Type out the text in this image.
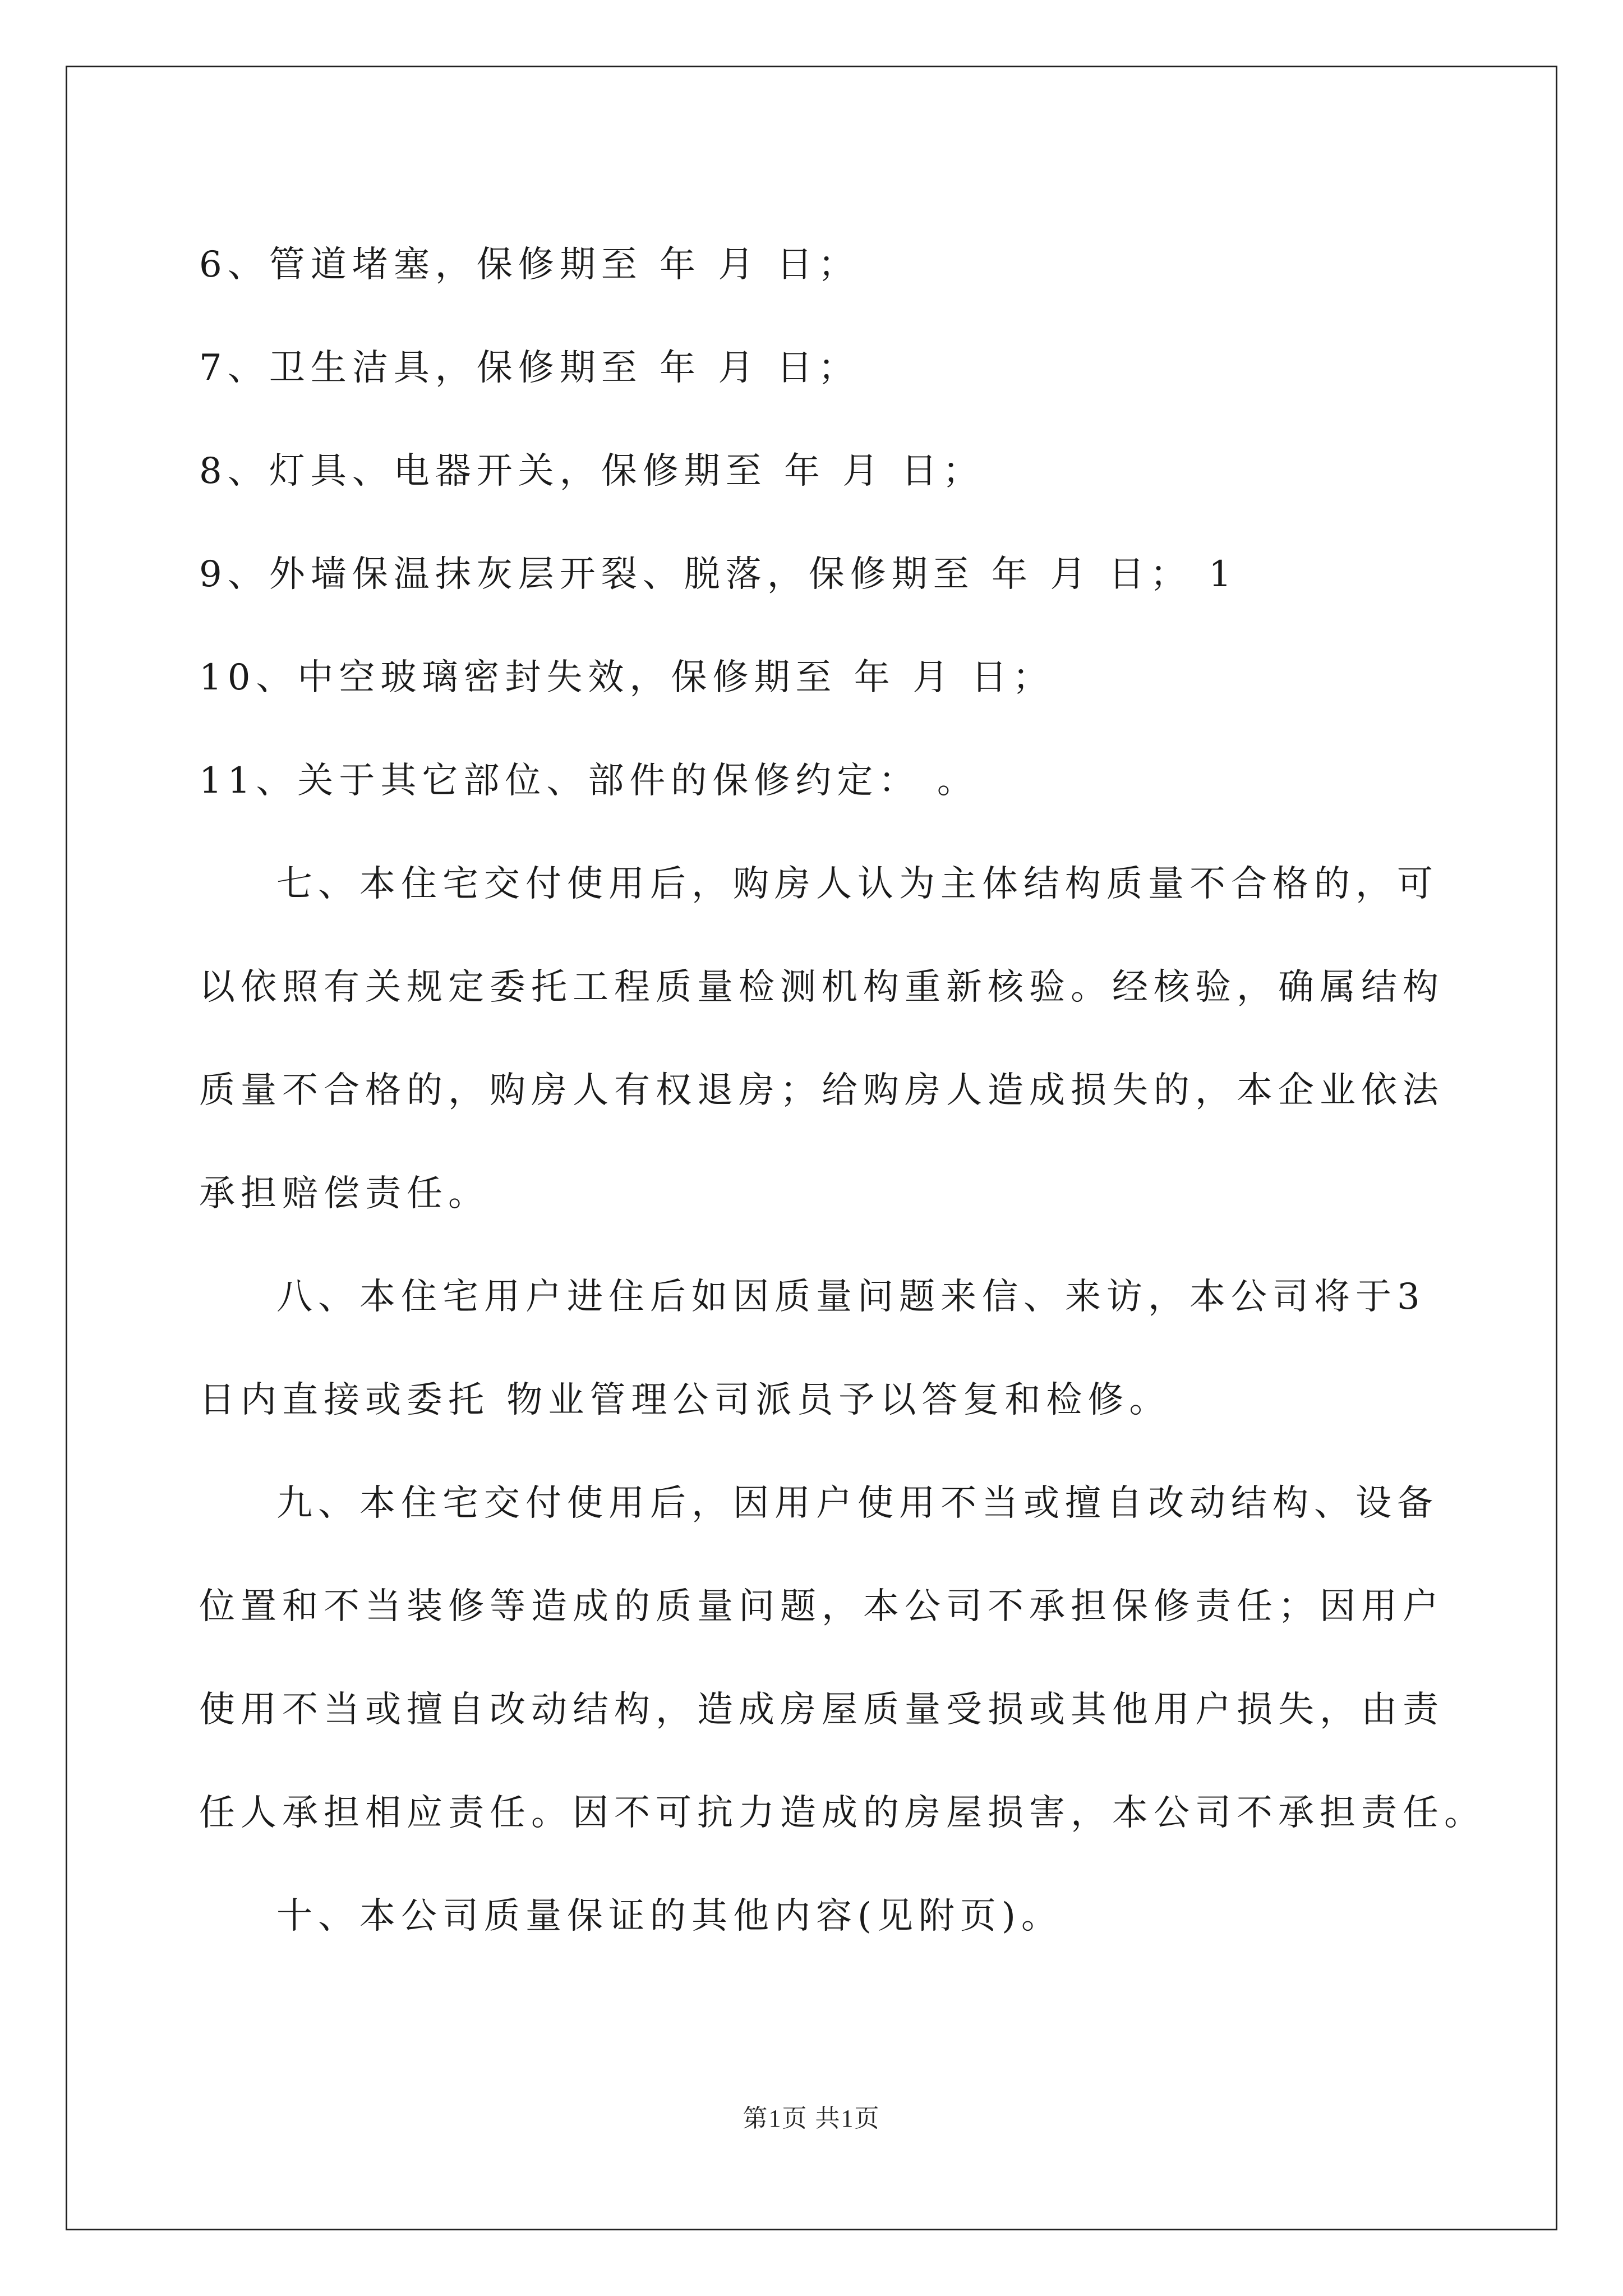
6、管道堵塞，保修期至 年 月 日；

7、卫生洁具，保修期至 年 月 日；

8、灯具、电器开关，保修期至 年 月 日；

9、外墙保温抹灰层开裂、脱落，保修期至 年 月 日； 1

10、中空玻璃密封失效，保修期至 年 月 日；

11、关于其它部位、部件的保修约定： 。

七、本住宅交付使用后，购房人认为主体结构质量不合格的，可

以依照有关规定委托工程质量检测机构重新核验。经核验，确属结构

质量不合格的，购房人有权退房；给购房人造成损失的，本企业依法

承担赔偿责任。

八、本住宅用户进住后如因质量问题来信、来访，本公司将于3

日内直接或委托 物业管理公司派员予以答复和检修。

九、本住宅交付使用后，因用户使用不当或擅自改动结构、设备

位置和不当装修等造成的质量问题，本公司不承担保修责任；因用户

使用不当或擅自改动结构，造成房屋质量受损或其他用户损失，由责

任人承担相应责任。因不可抗力造成的房屋损害，本公司不承担责任。

十、本公司质量保证的其他内容(见附页)。

第1页 共1页
